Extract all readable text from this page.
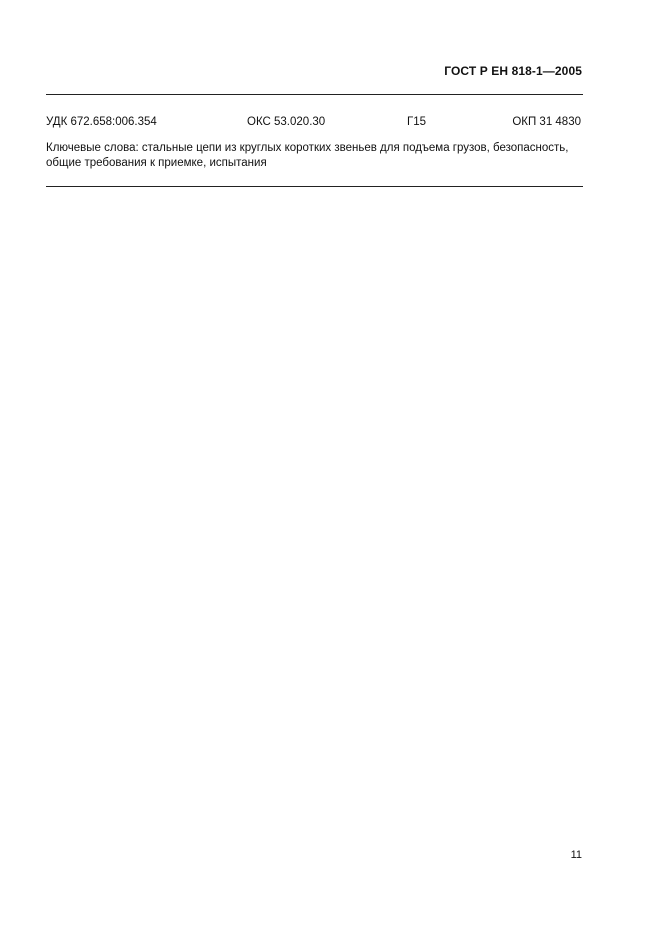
ГОСТ Р ЕН 818-1—2005
УДК 672.658:006.354	ОКС 53.020.30	Г15	ОКП 31 4830
Ключевые слова: стальные цепи из круглых коротких звеньев для подъема грузов, безопасность, общие требования к приемке, испытания
11
